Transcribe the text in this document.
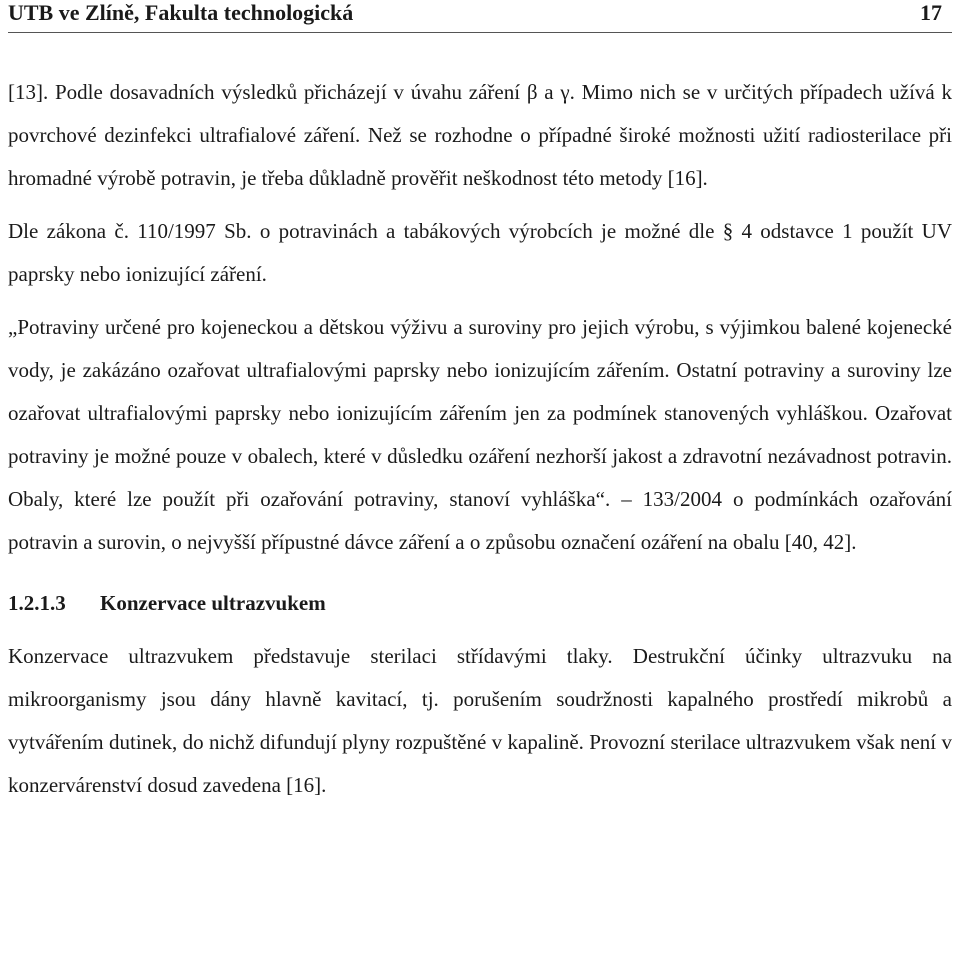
UTB ve Zlíně, Fakulta technologická	17

[13]. Podle dosavadních výsledků přicházejí v úvahu záření β a γ. Mimo nich se v určitých případech užívá k povrchové dezinfekci ultrafialové záření. Než se rozhodne o případné široké možnosti užití radiosterilace při hromadné výrobě potravin, je třeba důkladně prověřit neškodnost této metody [16].

Dle zákona č. 110/1997 Sb. o potravinách a tabákových výrobcích je možné dle § 4 odstavce 1 použít UV paprsky nebo ionizující záření.

„Potraviny určené pro kojeneckou a dětskou výživu a suroviny pro jejich výrobu, s výjimkou balené kojenecké vody, je zakázáno ozařovat ultrafialovými paprsky nebo ionizujícím zářením. Ostatní potraviny a suroviny lze ozařovat ultrafialovými paprsky nebo ionizujícím zářením jen za podmínek stanovených vyhláškou. Ozařovat potraviny je možné pouze v obalech, které v důsledku ozáření nezhorší jakost a zdravotní nezávadnost potravin. Obaly, které lze použít při ozařování potraviny, stanoví vyhláška“. – 133/2004 o podmínkách ozařování potravin a surovin, o nejvyšší přípustné dávce záření a o způsobu označení ozáření na obalu [40, 42].

1.2.1.3 Konzervace ultrazvukem

Konzervace ultrazvukem představuje sterilaci střídavými tlaky. Destrukční účinky ultrazvuku na mikroorganismy jsou dány hlavně kavitací, tj. porušením soudržnosti kapalného prostředí mikrobů a vytvářením dutinek, do nichž difundují plyny rozpuštěné v kapalině. Provozní sterilace ultrazvukem však není v konzervárenství dosud zavedena [16].
